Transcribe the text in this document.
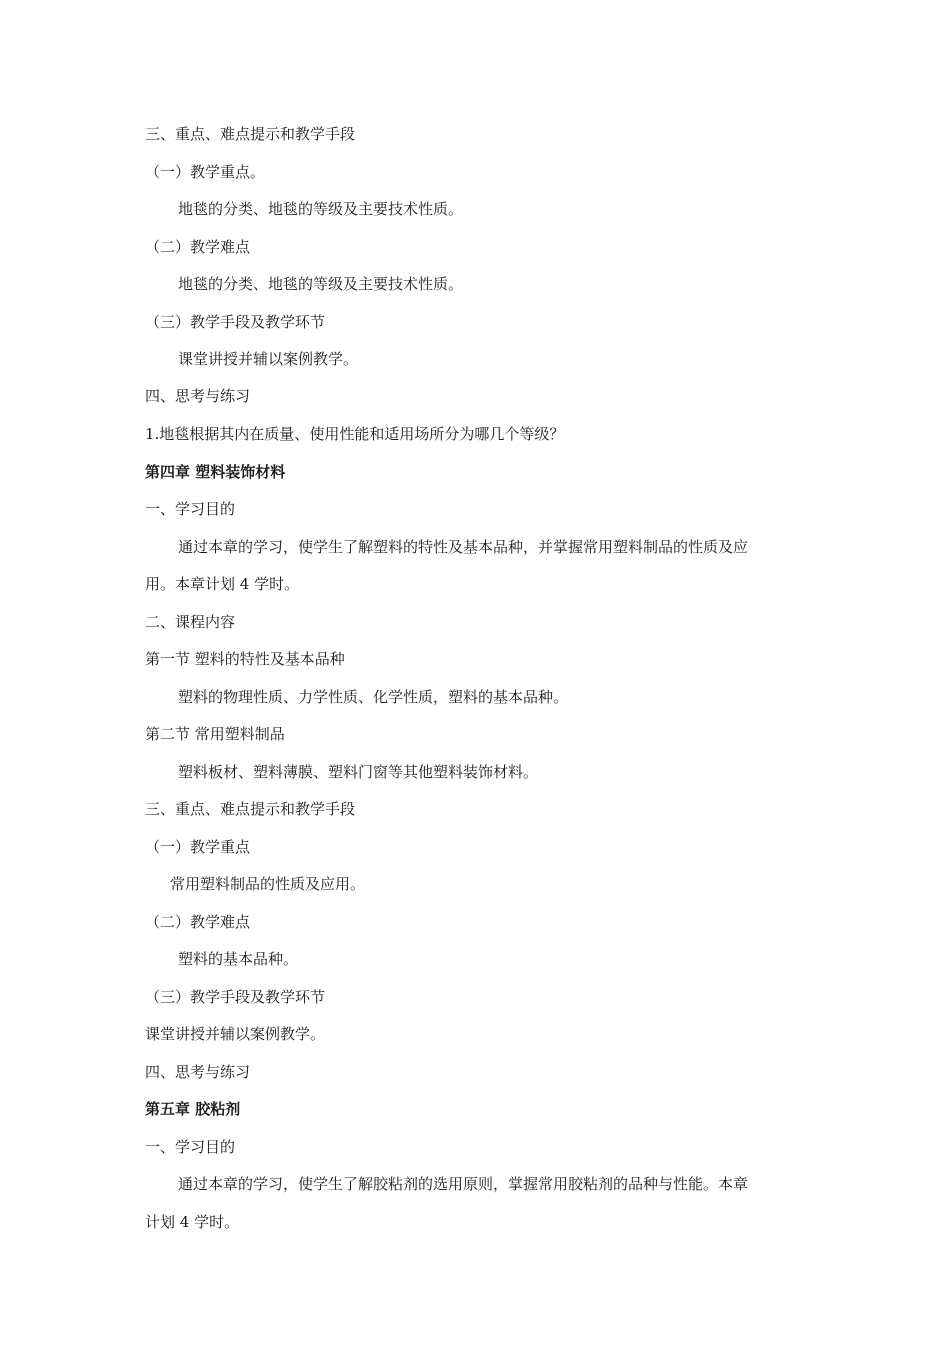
三、重点、难点提示和教学手段
（一）教学重点。
地毯的分类、地毯的等级及主要技术性质。
（二）教学难点
地毯的分类、地毯的等级及主要技术性质。
（三）教学手段及教学环节
课堂讲授并辅以案例教学。
四、思考与练习
1.地毯根据其内在质量、使用性能和适用场所分为哪几个等级？
第四章 塑料装饰材料
一、学习目的
通过本章的学习，使学生了解塑料的特性及基本品种，并掌握常用塑料制品的性质及应
用。本章计划 4 学时。
二、课程内容
第一节 塑料的特性及基本品种
塑料的物理性质、力学性质、化学性质，塑料的基本品种。
第二节 常用塑料制品
塑料板材、塑料薄膜、塑料门窗等其他塑料装饰材料。
三、重点、难点提示和教学手段
（一）教学重点
常用塑料制品的性质及应用。
（二）教学难点
塑料的基本品种。
（三）教学手段及教学环节
课堂讲授并辅以案例教学。
四、思考与练习
第五章 胶粘剂
一、学习目的
通过本章的学习，使学生了解胶粘剂的选用原则，掌握常用胶粘剂的品种与性能。本章
计划 4 学时。
